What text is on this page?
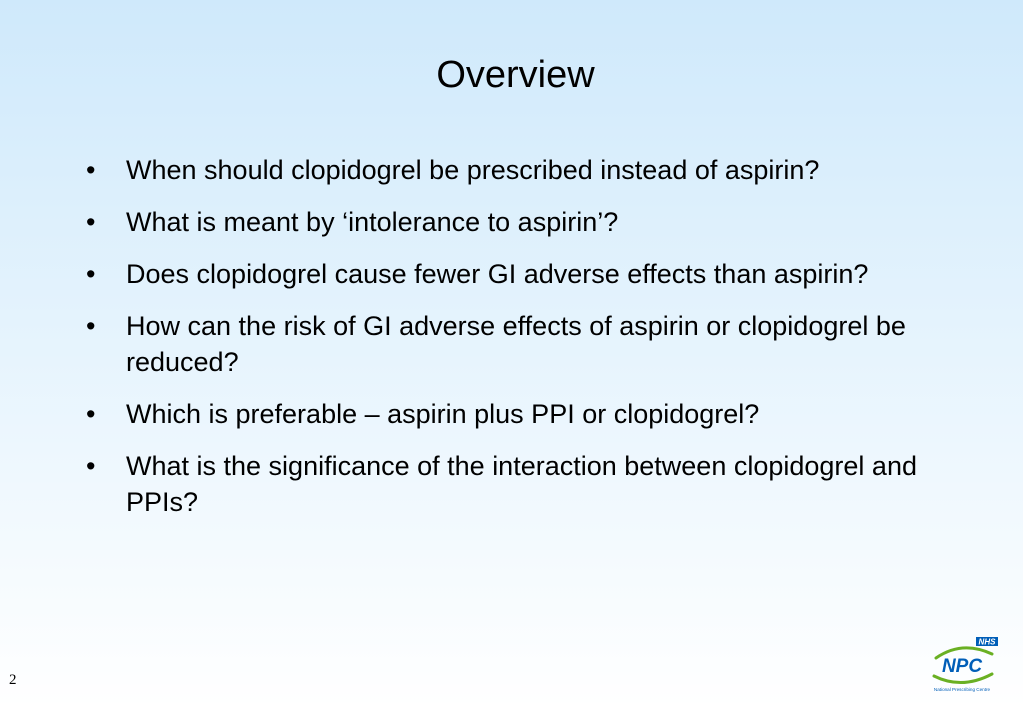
Overview
•	When should clopidogrel be prescribed instead of aspirin?
•	What is meant by ‘intolerance to aspirin’?
•	Does clopidogrel cause fewer GI adverse effects than aspirin?
•	How can the risk of GI adverse effects of aspirin or clopidogrel be reduced?
•	Which is preferable – aspirin plus PPI or clopidogrel?
•	What is the significance of the interaction between clopidogrel and PPIs?
2
NHS
NPC
National Prescribing Centre
